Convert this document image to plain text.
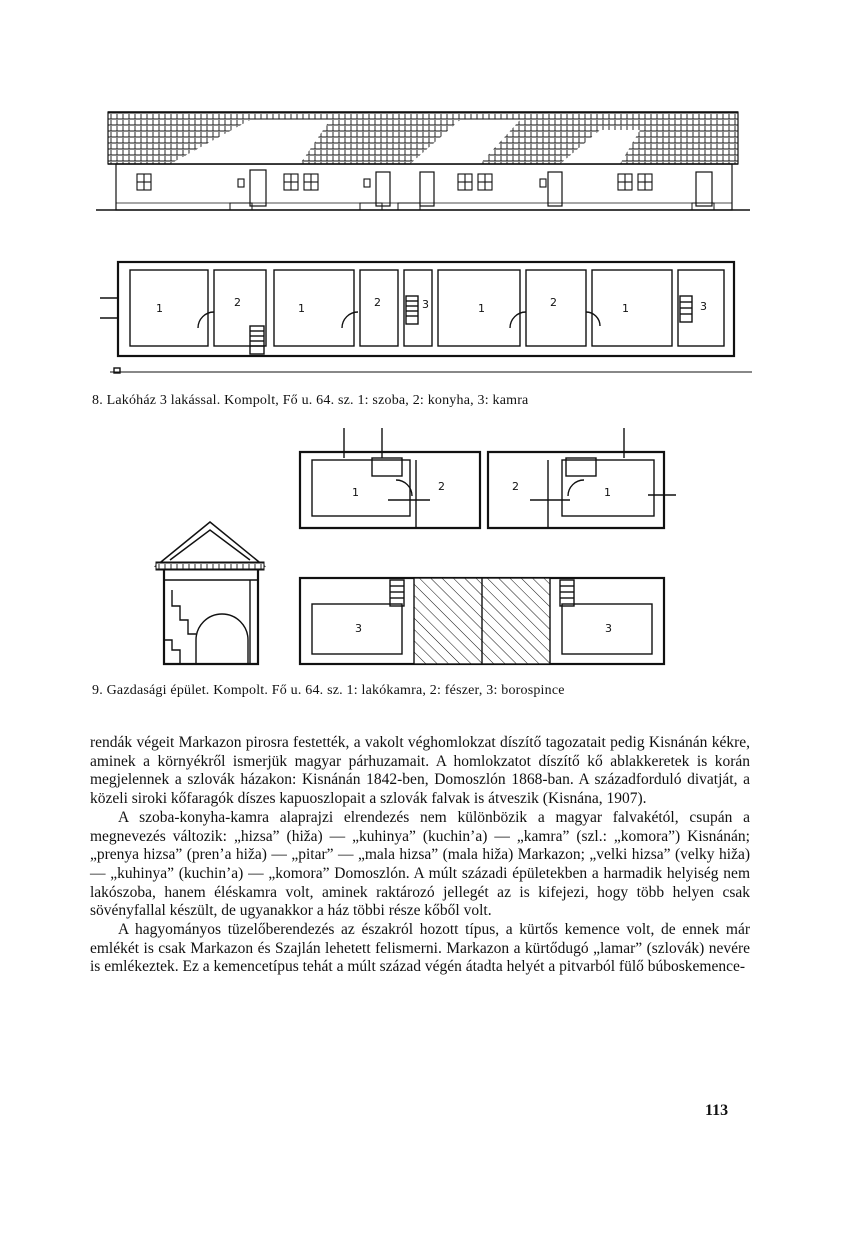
1	2	1	2	3	1	2	1	3
8. Lakóház 3 lakással. Kompolt, Fő u. 64. sz. 1: szoba, 2: konyha, 3: kamra
1	2	2	1
3	3
9. Gazdasági épület. Kompolt. Fő u. 64. sz. 1: lakókamra, 2: fészer, 3: borospince

rendák végeit Markazon pirosra festették, a vakolt véghomlokzat díszítő tagozatait pedig Kisnánán kékre, aminek a környékről ismerjük magyar párhuzamait. A homlokzatot díszítő kő ablakkeretek is korán megjelennek a szlovák házakon: Kisnánán 1842-ben, Domoszlón 1868-ban. A századforduló divatját, a közeli siroki kőfaragók díszes kapuoszlopait a szlovák falvak is átveszik (Kisnána, 1907).

A szoba-konyha-kamra alaprajzi elrendezés nem különbözik a magyar falvakétól, csupán a megnevezés változik: „hizsa” (hiža) — „kuhinya” (kuchin’a) — „kamra” (szl.: „komora”) Kisnánán; „prenya hizsa” (pren’a hiža) — „pitar” — „mala hizsa” (mala hiža) Markazon; „velki hizsa” (velky hiža) — „kuhinya” (kuchin’a) — „komora” Domoszlón. A múlt századi épületekben a harmadik helyiség nem lakószoba, hanem éléskamra volt, aminek raktározó jellegét az is kifejezi, hogy több helyen csak sövényfallal készült, de ugyanakkor a ház többi része kőből volt.

A hagyományos tüzelőberendezés az északról hozott típus, a kürtős kemence volt, de ennek már emlékét is csak Markazon és Szajlán lehetett felismerni. Markazon a kürtődugó „lamar” (szlovák) nevére is emlékeztek. Ez a kemencetípus tehát a múlt század végén átadta helyét a pitvarból fülő búboskemence-

113
